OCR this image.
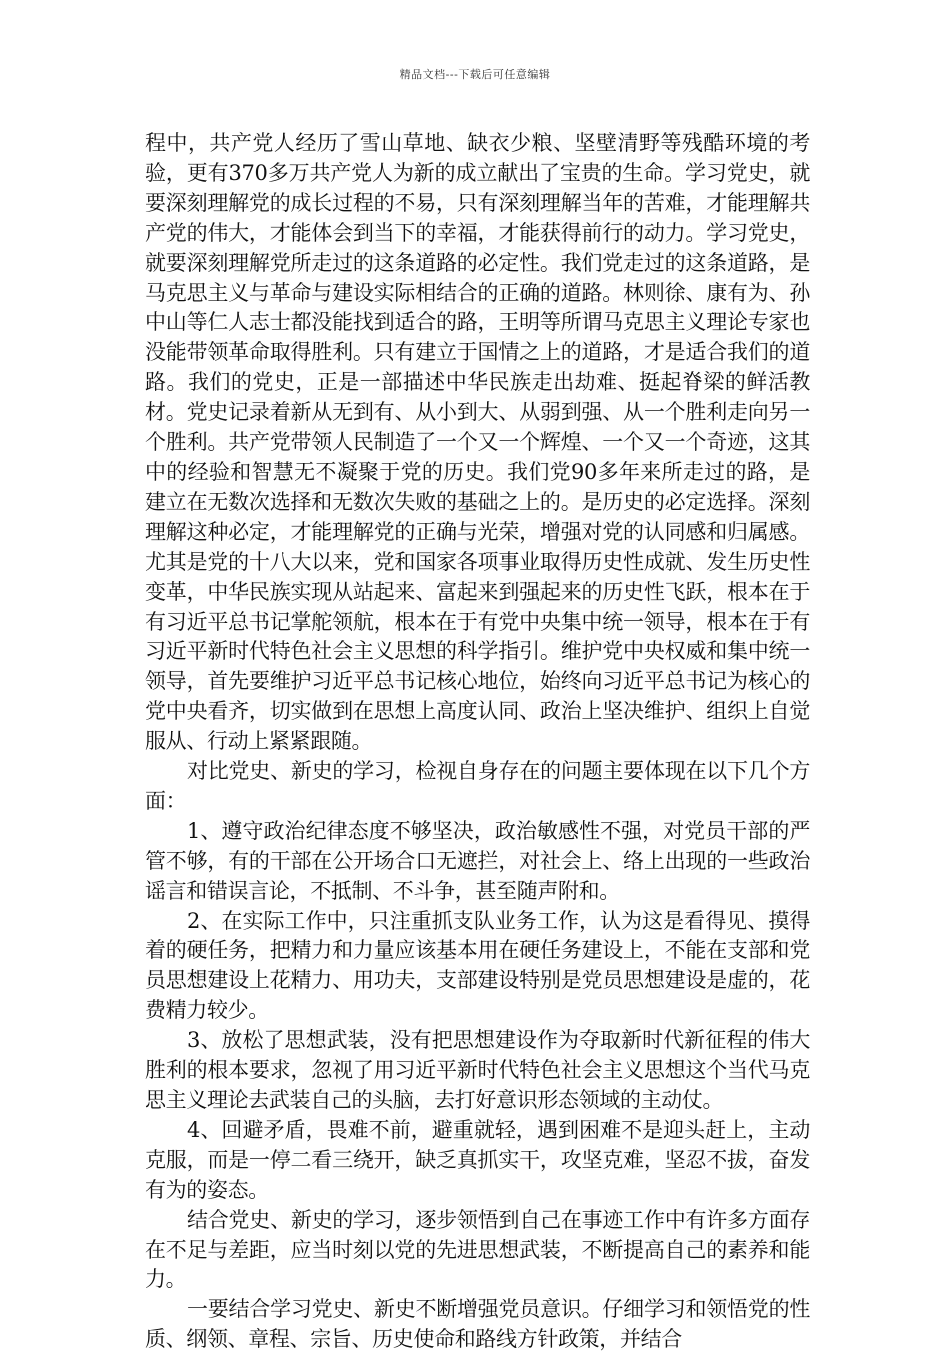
精品文档---下载后可任意编辑

程中，共产党人经历了雪山草地、缺衣少粮、坚壁清野等残酷环境的考验，更有370多万共产党人为新的成立献出了宝贵的生命。学习党史，就要深刻理解党的成长过程的不易，只有深刻理解当年的苦难，才能理解共产党的伟大，才能体会到当下的幸福，才能获得前行的动力。学习党史，就要深刻理解党所走过的这条道路的必定性。我们党走过的这条道路，是马克思主义与革命与建设实际相结合的正确的道路。林则徐、康有为、孙中山等仁人志士都没能找到适合的路，王明等所谓马克思主义理论专家也没能带领革命取得胜利。只有建立于国情之上的道路，才是适合我们的道路。我们的党史，正是一部描述中华民族走出劫难、挺起脊梁的鲜活教材。党史记录着新从无到有、从小到大、从弱到强、从一个胜利走向另一个胜利。共产党带领人民制造了一个又一个辉煌、一个又一个奇迹，这其中的经验和智慧无不凝聚于党的历史。我们党90多年来所走过的路，是建立在无数次选择和无数次失败的基础之上的。是历史的必定选择。深刻理解这种必定，才能理解党的正确与光荣，增强对党的认同感和归属感。尤其是党的十八大以来，党和国家各项事业取得历史性成就、发生历史性变革，中华民族实现从站起来、富起来到强起来的历史性飞跃，根本在于有习近平总书记掌舵领航，根本在于有党中央集中统一领导，根本在于有习近平新时代特色社会主义思想的科学指引。维护党中央权威和集中统一领导，首先要维护习近平总书记核心地位，始终向习近平总书记为核心的党中央看齐，切实做到在思想上高度认同、政治上坚决维护、组织上自觉服从、行动上紧紧跟随。

对比党史、新史的学习，检视自身存在的问题主要体现在以下几个方面：

1、遵守政治纪律态度不够坚决，政治敏感性不强，对党员干部的严管不够，有的干部在公开场合口无遮拦，对社会上、络上出现的一些政治谣言和错误言论，不抵制、不斗争，甚至随声附和。

2、在实际工作中，只注重抓支队业务工作，认为这是看得见、摸得着的硬任务，把精力和力量应该基本用在硬任务建设上，不能在支部和党员思想建设上花精力、用功夫，支部建设特别是党员思想建设是虚的，花费精力较少。

3、放松了思想武装，没有把思想建设作为夺取新时代新征程的伟大胜利的根本要求，忽视了用习近平新时代特色社会主义思想这个当代马克思主义理论去武装自己的头脑，去打好意识形态领域的主动仗。

4、回避矛盾，畏难不前，避重就轻，遇到困难不是迎头赶上，主动克服，而是一停二看三绕开，缺乏真抓实干，攻坚克难，坚忍不拔，奋发有为的姿态。

结合党史、新史的学习，逐步领悟到自己在事迹工作中有许多方面存在不足与差距，应当时刻以党的先进思想武装，不断提高自己的素养和能力。

一要结合学习党史、新史不断增强党员意识。仔细学习和领悟党的性质、纲领、章程、宗旨、历史使命和路线方针政策，并结合
